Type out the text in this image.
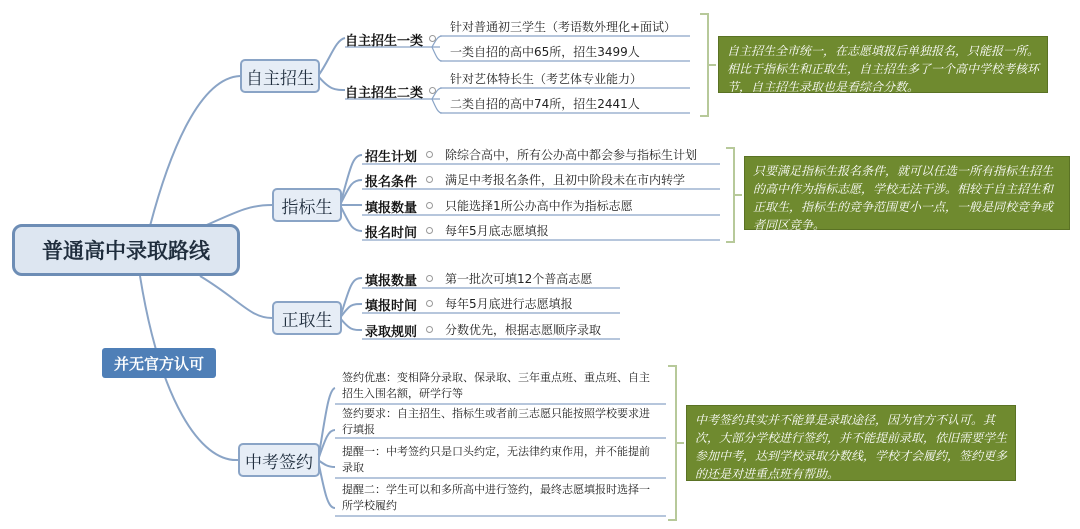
普通高中录取路线
并无官方认可
自主招生
自主招生一类
针对普通初三学生（考语数外理化+面试）
一类自招的高中65所，招生3499人
自主招生二类
针对艺体特长生（考艺体专业能力）
二类自招的高中74所，招生2441人
自主招生全市统一，在志愿填报后单独报名，只能报一所。相比于指标生和正取生，自主招生多了一个高中学校考核环节，自主招生录取也是看综合分数。
指标生
招生计划 除综合高中，所有公办高中都会参与指标生计划
报名条件 满足中考报名条件，且初中阶段未在市内转学
填报数量 只能选择1所公办高中作为指标志愿
报名时间 每年5月底志愿填报
只要满足指标生报名条件，就可以任选一所有指标生招生的高中作为指标志愿，学校无法干涉。相较于自主招生和正取生，指标生的竞争范围更小一点，一般是同校竞争或者同区竞争。
正取生
填报数量 第一批次可填12个普高志愿
填报时间 每年5月底进行志愿填报
录取规则 分数优先，根据志愿顺序录取
中考签约
签约优惠：变相降分录取、保录取、三年重点班、重点班、自主招生入围名额，研学行等
签约要求：自主招生、指标生或者前三志愿只能按照学校要求进行填报
提醒一：中考签约只是口头约定，无法律约束作用，并不能提前录取
提醒二：学生可以和多所高中进行签约，最终志愿填报时选择一所学校履约
中考签约其实并不能算是录取途径，因为官方不认可。其次，大部分学校进行签约，并不能提前录取，依旧需要学生参加中考，达到学校录取分数线，学校才会履约，签约更多的还是对进重点班有帮助。
